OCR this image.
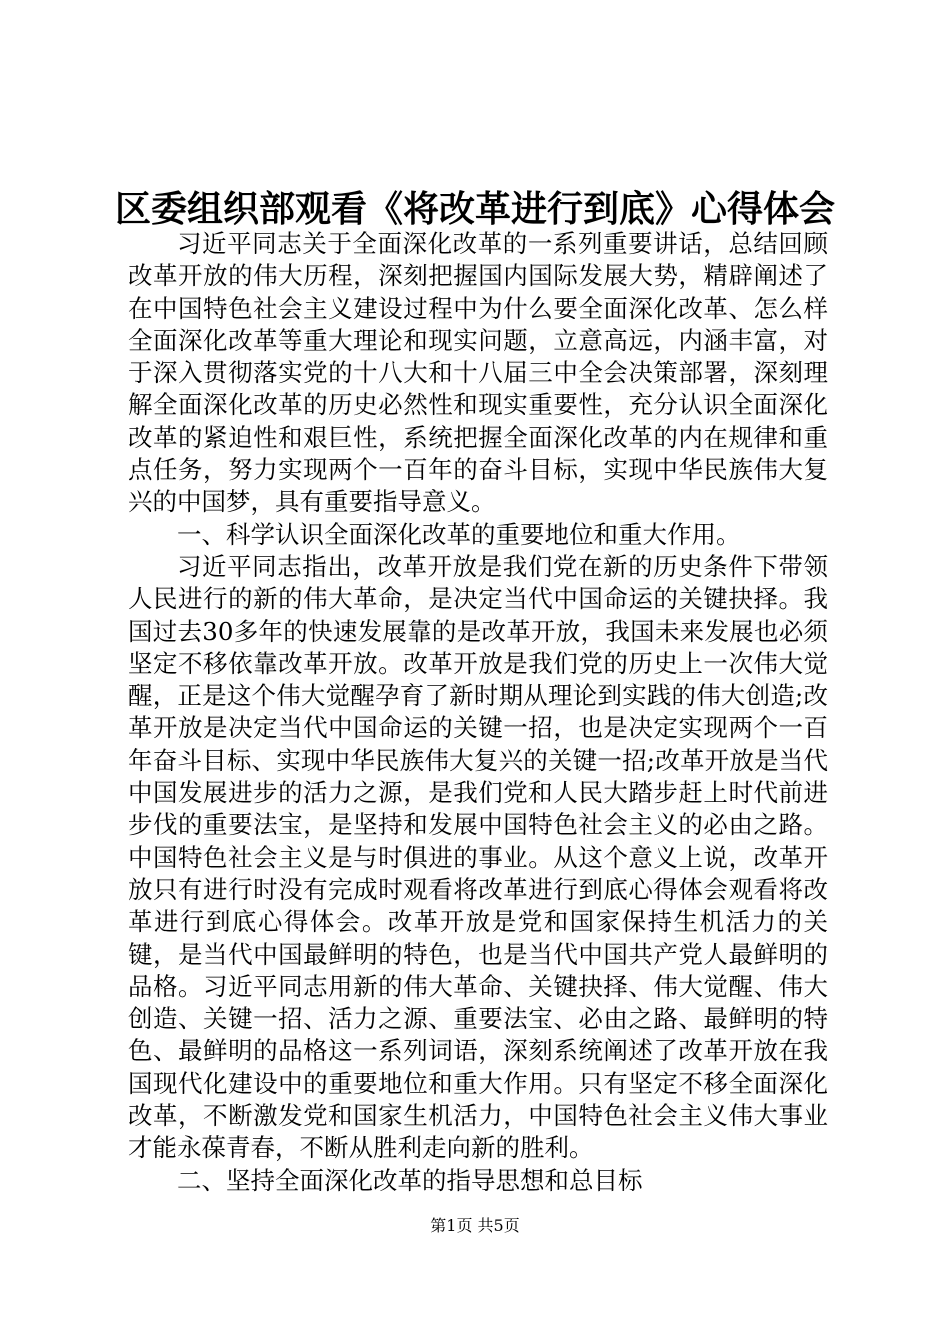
区委组织部观看《将改革进行到底》心得体会

习近平同志关于全面深化改革的一系列重要讲话，总结回顾改革开放的伟大历程，深刻把握国内国际发展大势，精辟阐述了在中国特色社会主义建设过程中为什么要全面深化改革、怎么样全面深化改革等重大理论和现实问题，立意高远，内涵丰富，对于深入贯彻落实党的十八大和十八届三中全会决策部署，深刻理解全面深化改革的历史必然性和现实重要性，充分认识全面深化改革的紧迫性和艰巨性，系统把握全面深化改革的内在规律和重点任务，努力实现两个一百年的奋斗目标，实现中华民族伟大复兴的中国梦，具有重要指导意义。

一、科学认识全面深化改革的重要地位和重大作用。

习近平同志指出，改革开放是我们党在新的历史条件下带领人民进行的新的伟大革命，是决定当代中国命运的关键抉择。我国过去30多年的快速发展靠的是改革开放，我国未来发展也必须坚定不移依靠改革开放。改革开放是我们党的历史上一次伟大觉醒，正是这个伟大觉醒孕育了新时期从理论到实践的伟大创造;改革开放是决定当代中国命运的关键一招，也是决定实现两个一百年奋斗目标、实现中华民族伟大复兴的关键一招;改革开放是当代中国发展进步的活力之源，是我们党和人民大踏步赶上时代前进步伐的重要法宝，是坚持和发展中国特色社会主义的必由之路。中国特色社会主义是与时俱进的事业。从这个意义上说，改革开放只有进行时没有完成时观看将改革进行到底心得体会观看将改革进行到底心得体会。改革开放是党和国家保持生机活力的关键，是当代中国最鲜明的特色，也是当代中国共产党人最鲜明的品格。习近平同志用新的伟大革命、关键抉择、伟大觉醒、伟大创造、关键一招、活力之源、重要法宝、必由之路、最鲜明的特色、最鲜明的品格这一系列词语，深刻系统阐述了改革开放在我国现代化建设中的重要地位和重大作用。只有坚定不移全面深化改革，不断激发党和国家生机活力，中国特色社会主义伟大事业才能永葆青春，不断从胜利走向新的胜利。

二、坚持全面深化改革的指导思想和总目标

第1页 共5页
